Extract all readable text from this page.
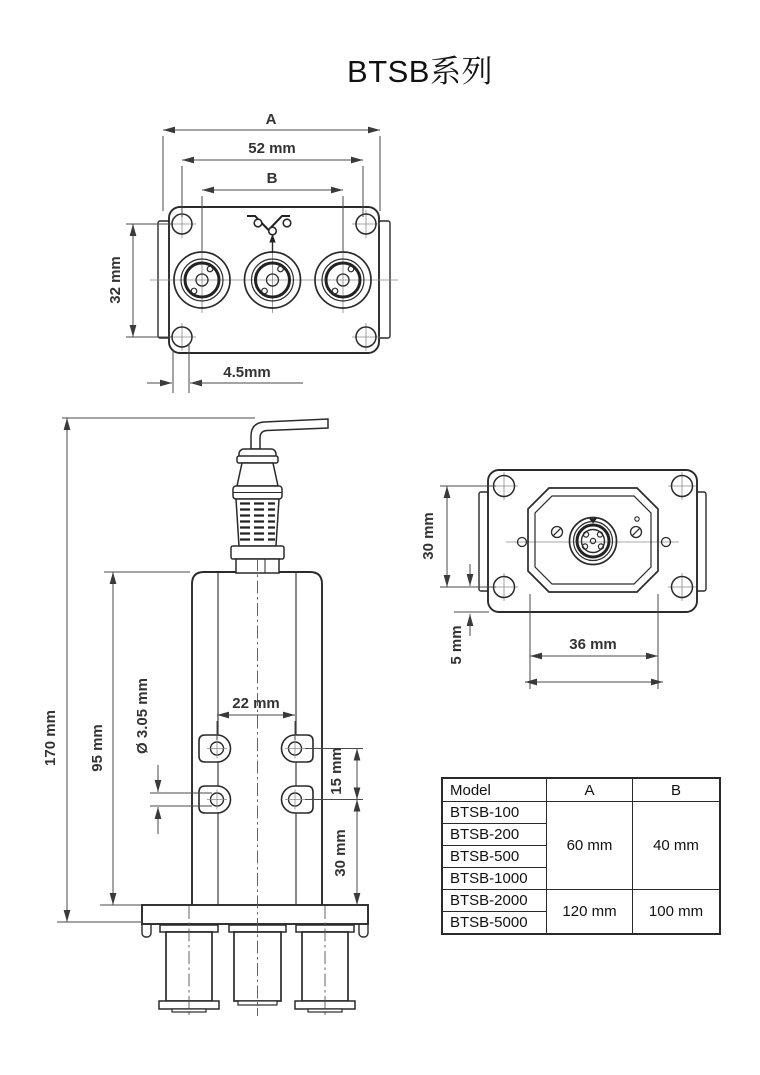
BTSB系列
A
52 mm
B
32 mm
4.5mm
170 mm 95 mm Ø 3.05 mm	22 mm
15 mm
30 mm
30 mm
5 mm	36 mm
Model	A	B
BTSB-100	60 mm	40 mm
BTSB-200		
BTSB-500		
BTSB-1000		
BTSB-2000	120 mm	100 mm
BTSB-5000		
